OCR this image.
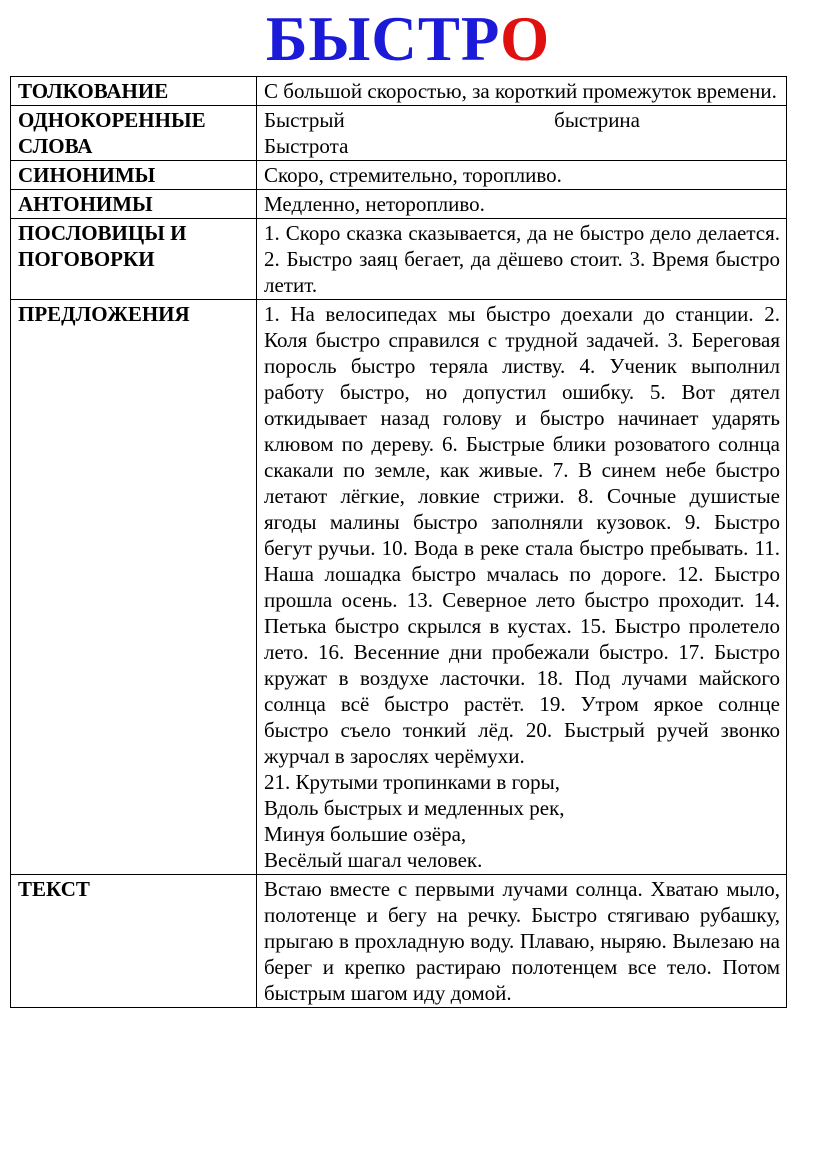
БЫСТРО
ТОЛКОВАНИЕ	С большой скоростью, за короткий промежуток времени.
ОДНОКОРЕННЫЕ СЛОВА	Быстрый быстрина
Быстрота

СИНОНИМЫ	Скоро, стремительно, торопливо.
АНТОНИМЫ	Медленно, неторопливо.
ПОСЛОВИЦЫ И ПОГОВОРКИ	1. Скоро сказка сказывается, да не быстро дело делается. 2. Быстро заяц бегает, да дёшево стоит. 3. Время быстро летит.
ПРЕДЛОЖЕНИЯ	1. На велосипедах мы быстро доехали до станции. 2. Коля быстро справился с трудной задачей. 3. Береговая поросль быстро теряла листву. 4. Ученик выполнил работу быстро, но допустил ошибку. 5. Вот дятел откидывает назад голову и быстро начинает ударять клювом по дереву. 6. Быстрые блики розоватого солнца скакали по земле, как живые. 7. В синем небе быстро летают лёгкие, ловкие стрижи. 8. Сочные душистые ягоды малины быстро заполняли кузовок. 9. Быстро бегут ручьи. 10. Вода в реке стала быстро пребывать. 11. Наша лошадка быстро мчалась по дороге. 12. Быстро прошла осень. 13. Северное лето быстро проходит. 14. Петька быстро скрылся в кустах. 15. Быстро пролетело лето. 16. Весенние дни пробежали быстро. 17. Быстро кружат в воздухе ласточки. 18. Под лучами майского солнца всё быстро растёт. 19. Утром яркое солнце быстро съело тонкий лёд. 20. Быстрый ручей звонко журчал в зарослях черёмухи.
21. Крутыми тропинками в горы,
Вдоль быстрых и медленных рек,
Минуя большие озёра,
Весёлый шагал человек.

ТЕКСТ	Встаю вместе с первыми лучами солнца. Хватаю мыло, полотенце и бегу на речку. Быстро стягиваю рубашку, прыгаю в прохладную воду. Плаваю, ныряю. Вылезаю на берег и крепко растираю полотенцем все тело. Потом быстрым шагом иду домой.
